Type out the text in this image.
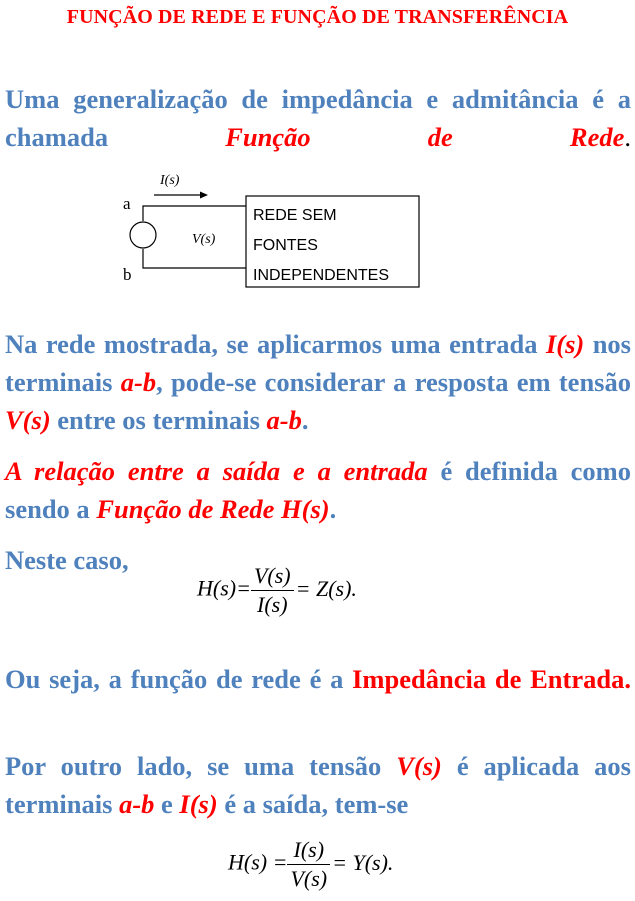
FUNÇÃO DE REDE E FUNÇÃO DE TRANSFERÊNCIA

Uma generalização de impedância e admitância é a chamada Função de Rede.

I(s)
a
b
V(s)
REDE SEM
FONTES
INDEPENDENTES

Na rede mostrada, se aplicarmos uma entrada I(s) nos terminais a-b, pode-se considerar a resposta em tensão V(s) entre os terminais a-b.

A relação entre a saída e a entrada é definida como sendo a Função de Rede H(s).

Neste caso,

$H(s)= \frac{V(s)}{I(s)} = Z(s)$.

Ou seja, a função de rede é a Impedância de Entrada.

Por outro lado, se uma tensão V(s) é aplicada aos terminais a-b e I(s) é a saída, tem-se

$H(s) = \frac{I(s)}{V(s)} = Y(s)$.
